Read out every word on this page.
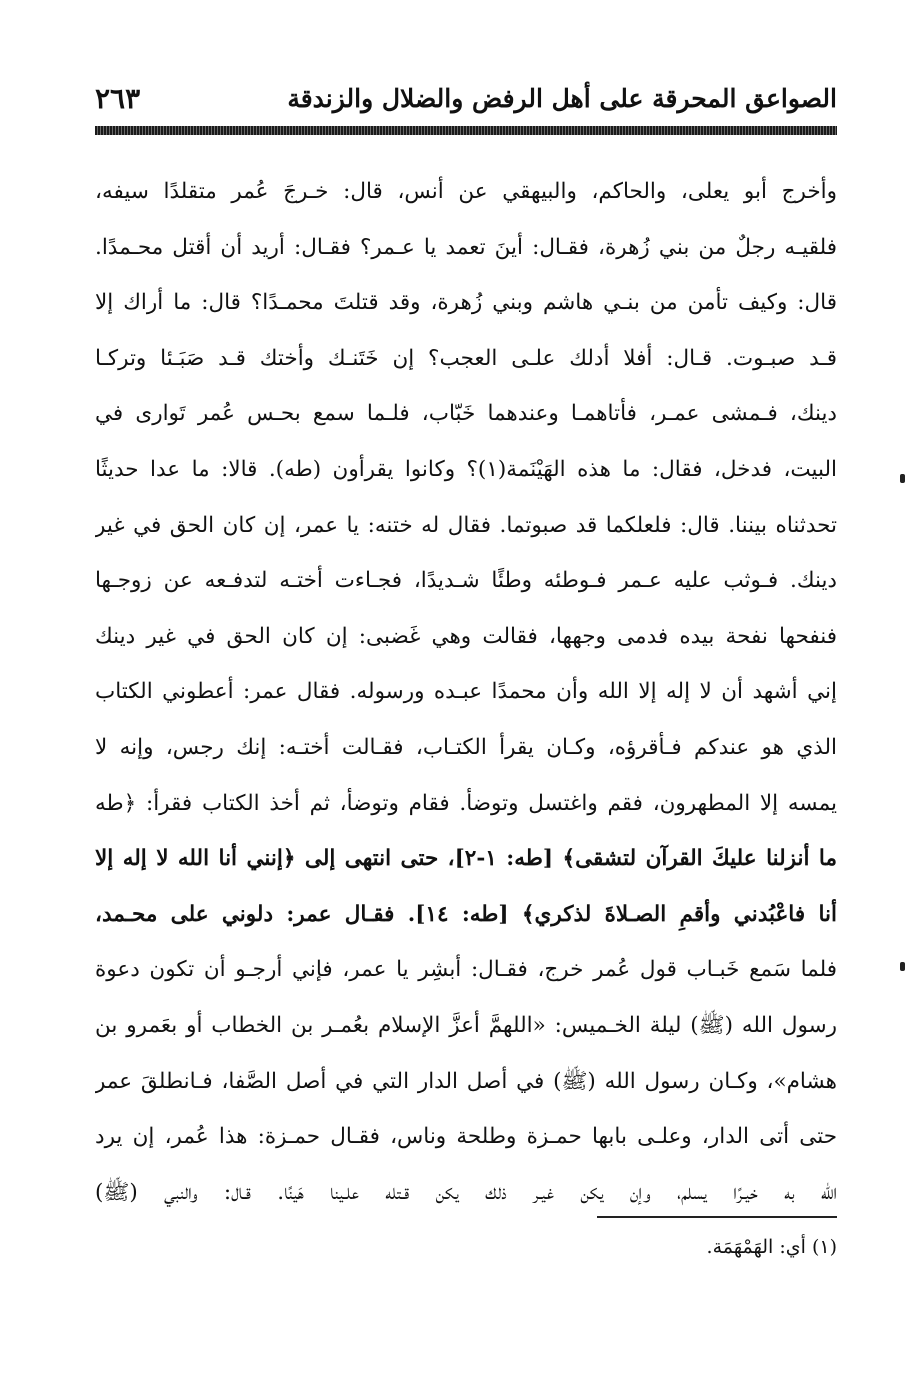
٢٦٣	الصواعق المحرقة على أهل الرفض والضلال والزندقة
وأخرج أبو يعلى، والحاكم، والبيهقي عن أنس، قال: خـرجَ عُمر متقلدًا سيفه،
فلقيـه رجلٌ من بني زُهرة، فقـال: أينَ تعمد يا عـمر؟ فقـال: أريد أن أقتل محـمدًا.
قال: وكيف تأمن من بنـي هاشم وبني زُهرة، وقد قتلتَ محمـدًا؟ قال: ما أراك إلا
قـد صبـوت. قـال: أفلا أدلك علـى العجب؟ إن خَتَنـك وأختك قـد صَبَـئا وتركـا
دينك، فـمشى عمـر، فأتاهمـا وعندهما خَبّاب، فلـما سمع بحـس عُمر تَوارى في
البيت، فدخل، فقال: ما هذه الهَيْنَمة(١)؟ وكانوا يقرأون (طه). قالا: ما عدا حديثًا
تحدثناه بيننا. قال: فلعلكما قد صبوتما. فقال له ختنه: يا عمر، إن كان الحق في غير
دينك. فـوثب عليه عـمر فـوطئه وطئًا شـديدًا، فجـاءت أختـه لتدفـعه عن زوجـها
فنفحها نفحة بيده فدمى وجهها، فقالت وهي غَضبى: إن كان الحق في غير دينك
إني أشهد أن لا إله إلا الله وأن محمدًا عبـده ورسوله. فقال عمر: أعطوني الكتاب
الذي هو عندكم فـأقرؤه، وكـان يقرأ الكتـاب، فقـالت أختـه: إنك رجس، وإنه لا
يمسه إلا المطهرون، فقم واغتسل وتوضأ. فقام وتوضأ، ثم أخذ الكتاب فقرأ: ﴿طه
ما أنزلنا عليكَ القرآن لتشقى﴾ [طه: ١-٢]، حتى انتهى إلى ﴿إنني أنا الله لا إله إلا
أنا فاعْبُدني وأقمِ الصـلاةَ لذكري﴾ [طه: ١٤]. فقـال عمر: دلوني على محـمد،
فلما سَمع خَبـاب قول عُمر خرج، فقـال: أبشِر يا عمر، فإني أرجـو أن تكون دعوة
رسول الله (ﷺ) ليلة الخـميس: «اللهمَّ أعزَّ الإسلام بعُمـر بن الخطاب أو بعَمرو بن
هشام»، وكـان رسول الله (ﷺ) في أصل الدار التي في أصل الصَّفا، فـانطلقَ عمر
حتى أتى الدار، وعلـى بابها حمـزة وطلحة وناس، فقـال حمـزة: هذا عُمر، إن يرد
الله به خيـرًا يسلم، وإن يكن غيـر ذلك يكن قـتله علـينا هَينًا. قـال: والنبي (ﷺ)
(١) أي: الهَمْهَمَة.
